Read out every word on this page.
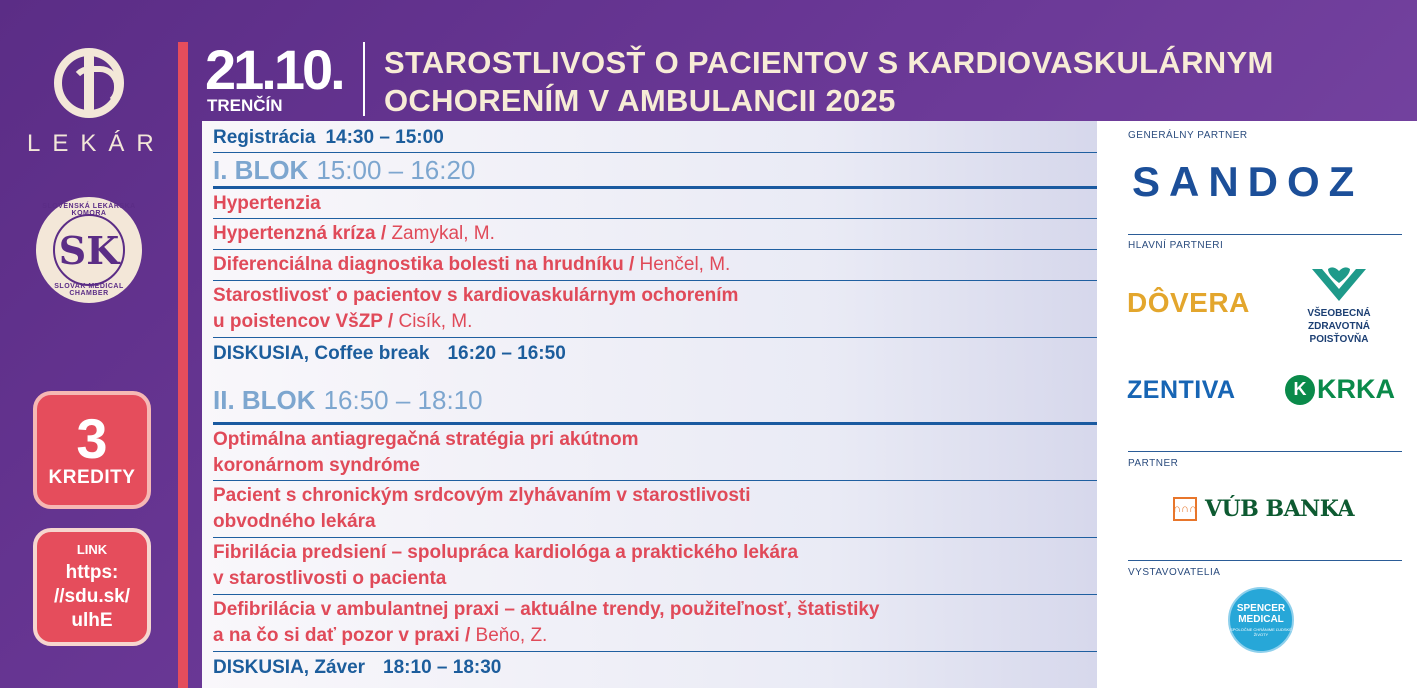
LEKÁR
SLOVENSKÁ LEKÁRSKA KOMORA
SK
SLOVAK MEDICAL CHAMBER
3
KREDITY
LINK
https:
//sdu.sk/
ulhE
21.10.
TRENČÍN
STAROSTLIVOSŤ O PACIENTOV S KARDIOVASKULÁRNYM OCHORENÍM V AMBULANCII 2025
Registrácia 14:30 – 15:00
I. BLOK 15:00 – 16:20
Hypertenzia
Hypertenzná kríza / Zamykal, M.
Diferenciálna diagnostika bolesti na hrudníku / Henčel, M.
Starostlivosť o pacientov s kardiovaskulárnym ochorením
u poistencov VšZP / Cisík, M.
DISKUSIA, Coffee break 16:20 – 16:50
II. BLOK 16:50 – 18:10
Optimálna antiagregačná stratégia pri akútnom
koronárnom syndróme
Pacient s chronickým srdcovým zlyhávaním v starostlivosti
obvodného lekára
Fibrilácia predsiení – spolupráca kardiológa a praktického lekára
v starostlivosti o pacienta
Defibrilácia v ambulantnej praxi – aktuálne trendy, použiteľnosť, štatistiky
a na čo si dať pozor v praxi / Beňo, Z.
DISKUSIA, Záver 18:10 – 18:30
GENERÁLNY PARTNER
SANDOZ
HLAVNÍ PARTNERI
DÔVERA	VŠEOBECNÁ
ZDRAVOTNÁ
POISŤOVŇA
ZENTIVA	K KRKA
PARTNER
∩∩∩ VÚB BANKA
VYSTAVOVATELIA
SPENCER
MEDICAL
SPOLOČNE CHRÁNIME ĽUDSKÉ ŽIVOTY
